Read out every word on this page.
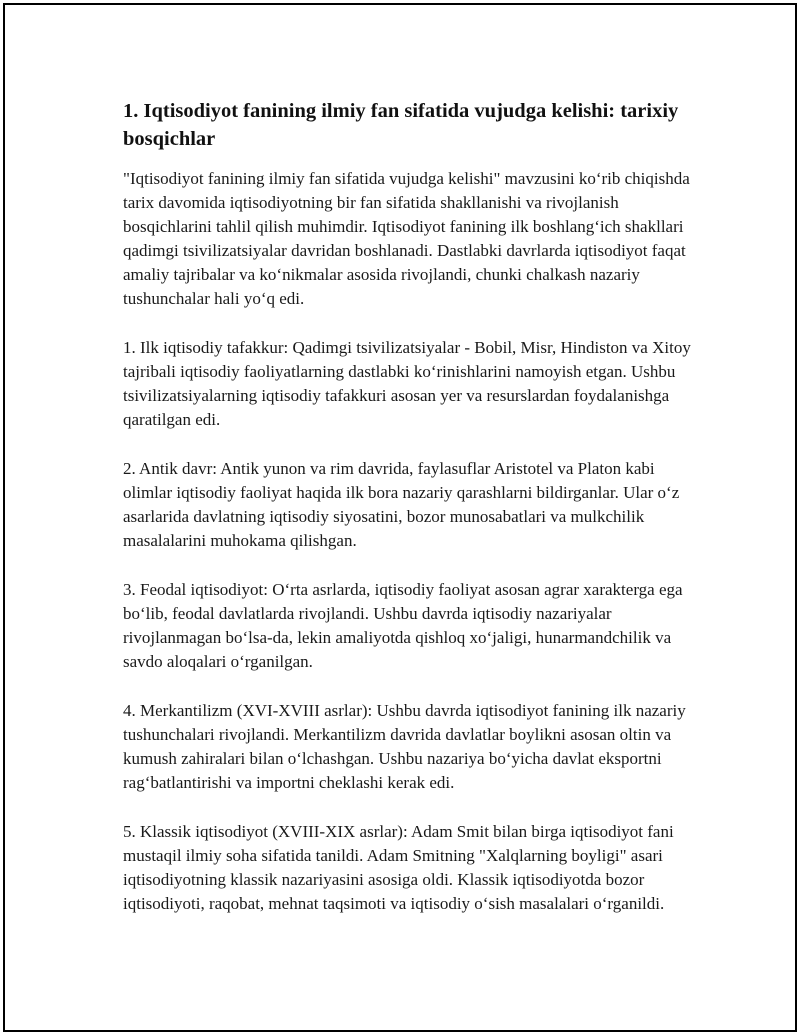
1. Iqtisodiyot fanining ilmiy fan sifatida vujudga kelishi: tarixiy bosqichlar

"Iqtisodiyot fanining ilmiy fan sifatida vujudga kelishi" mavzusini koʻrib chiqishda tarix davomida iqtisodiyotning bir fan sifatida shakllanishi va rivojlanish bosqichlarini tahlil qilish muhimdir. Iqtisodiyot fanining ilk boshlangʻich shakllari qadimgi tsivilizatsiyalar davridan boshlanadi. Dastlabki davrlarda iqtisodiyot faqat amaliy tajribalar va koʻnikmalar asosida rivojlandi, chunki chalkash nazariy tushunchalar hali yoʻq edi.

1. Ilk iqtisodiy tafakkur: Qadimgi tsivilizatsiyalar - Bobil, Misr, Hindiston va Xitoy tajribali iqtisodiy faoliyatlarning dastlabki koʻrinishlarini namoyish etgan. Ushbu tsivilizatsiyalarning iqtisodiy tafakkuri asosan yer va resurslardan foydalanishga qaratilgan edi.

2. Antik davr: Antik yunon va rim davrida, faylasuflar Aristotel va Platon kabi olimlar iqtisodiy faoliyat haqida ilk bora nazariy qarashlarni bildirganlar. Ular oʻz asarlarida davlatning iqtisodiy siyosatini, bozor munosabatlari va mulkchilik masalalarini muhokama qilishgan.

3. Feodal iqtisodiyot: Oʻrta asrlarda, iqtisodiy faoliyat asosan agrar xarakterga ega boʻlib, feodal davlatlarda rivojlandi. Ushbu davrda iqtisodiy nazariyalar rivojlanmagan boʻlsa-da, lekin amaliyotda qishloq xoʻjaligi, hunarmandchilik va savdo aloqalari oʻrganilgan.

4. Merkantilizm (XVI-XVIII asrlar): Ushbu davrda iqtisodiyot fanining ilk nazariy tushunchalari rivojlandi. Merkantilizm davrida davlatlar boylikni asosan oltin va kumush zahiralari bilan oʻlchashgan. Ushbu nazariya boʻyicha davlat eksportni ragʻbatlantirishi va importni cheklashi kerak edi.

5. Klassik iqtisodiyot (XVIII-XIX asrlar): Adam Smit bilan birga iqtisodiyot fani mustaqil ilmiy soha sifatida tanildi. Adam Smitning "Xalqlarning boyligi" asari iqtisodiyotning klassik nazariyasini asosiga oldi. Klassik iqtisodiyotda bozor iqtisodiyoti, raqobat, mehnat taqsimoti va iqtisodiy oʻsish masalalari oʻrganildi.
